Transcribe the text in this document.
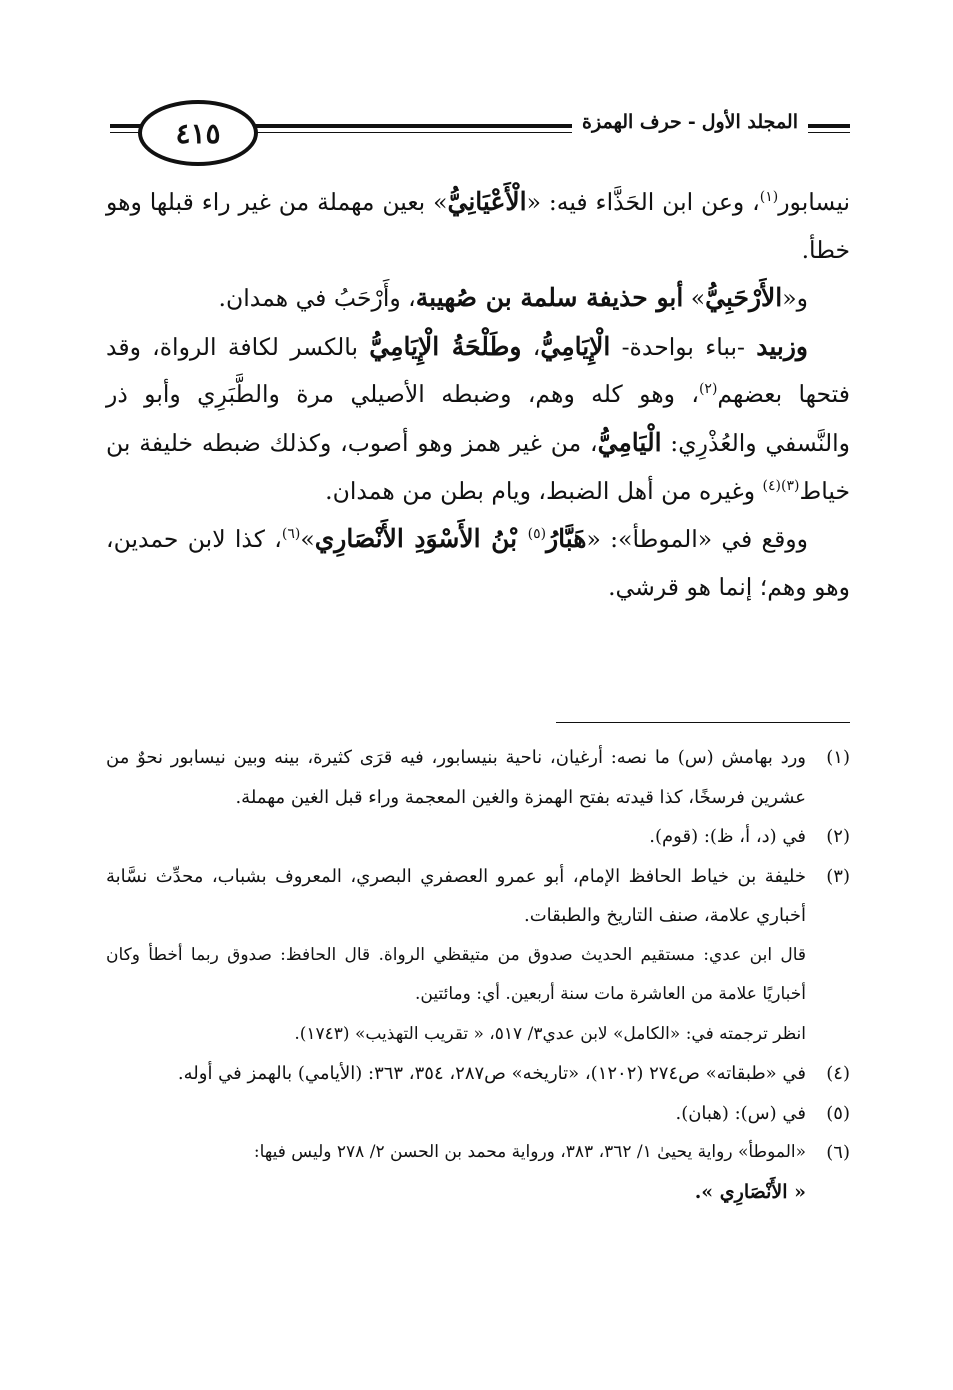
٤١٥	المجلد الأول-حرف الهمزة

نيسابور$^{(١)}$، وعن ابن الحَذَّاء فيه: «الْأَعْيَانِيُّ» بعين مهملة من غير راء قبلها وهو خطأ.

و«الأَرْحَبِيُّ» أبو حذيفة سلمة بن صُهيبة، وأَرْحَبُ في همدان.

وزبيد -بباء بواحدة- الْإِيَامِيُّ، وطَلْحَةُ الْإِيَامِيُّ بالكسر لكافة الرواة، وقد فتحها بعضهم$^{(٢)}$، وهو كله وهم، وضبطه الأصيلي مرة والطَّبَرِي وأبو ذر والنَّسفي والعُذْرِي: الْيَامِيُّ، من غير همز وهو أصوب، وكذلك ضبطه خليفة بن خياط$^{(٣)(٤)}$ وغيره من أهل الضبط، ويام بطن من همدان.

ووقع في «الموطأ»: «هَبَّارُ$^{(٥)}$ بْنُ الأَسْوَدِ الأَنْصَارِي»$^{(٦)}$، كذا لابن حمدين، وهو وهم؛ إنما هو قرشي.

(١)

ورد بهامش (س) ما نصه: أرغيان، ناحية بنيسابور، فيه قرَى كثيرة، بينه وبين نيسابور نحوٌ من عشرين فرسخًا، كذا قيدته بفتح الهمزة والغين المعجمة وراء قبل الغين مهملة.

(٢)

في (د، أ، ظ): (قوم).

(٣)

خليفة بن خياط الحافظ الإمام، أبو عمرو العصفري البصري، المعروف بشباب، محدِّث نسَّابة أخباري علامة، صنف التاريخ والطبقات.

قال ابن عدي: مستقيم الحديث صدوق من متيقظي الرواة. قال الحافظ: صدوق ربما أخطأ وكان أخباريًا علامة من العاشرة مات سنة أربعين. أي: ومائتين.

انظر ترجمته في: «الكامل» لابن عدي٣/ ٥١٧، « تقريب التهذيب» (١٧٤٣).

(٤)

في «طبقاته» ص٢٧٤ (١٢٠٢)، «تاريخه» ص٢٨٧، ٣٥٤، ٣٦٣: (الأيامي) بالهمز في أوله.

(٥)

في (س): (هبان).

(٦)

«الموطأ» رواية يحيىٰ ١/ ٣٦٢، ٣٨٣، ورواية محمد بن الحسن ٢/ ٢٧٨ وليس فيها:

« الأَنْصَارِي ».
